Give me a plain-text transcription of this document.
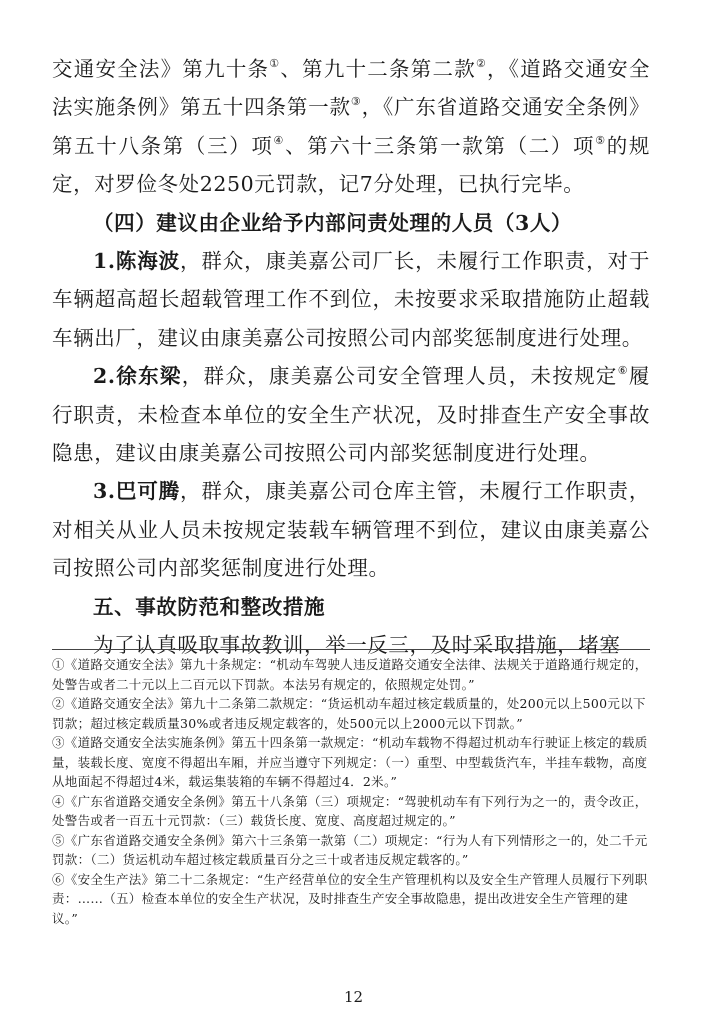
交通安全法》第九十条①、第九十二条第二款②，《道路交通安全法实施条例》第五十四条第一款③，《广东省道路交通安全条例》第五十八条第（三）项④、第六十三条第一款第（二）项⑤的规定，对罗俭冬处2250元罚款，记7分处理，已执行完毕。

（四）建议由企业给予内部问责处理的人员（3人）

1.陈海波，群众，康美嘉公司厂长，未履行工作职责，对于车辆超高超长超载管理工作不到位，未按要求采取措施防止超载车辆出厂，建议由康美嘉公司按照公司内部奖惩制度进行处理。

2.徐东梁，群众，康美嘉公司安全管理人员，未按规定⑥履行职责，未检查本单位的安全生产状况，及时排查生产安全事故隐患，建议由康美嘉公司按照公司内部奖惩制度进行处理。

3.巴可腾，群众，康美嘉公司仓库主管，未履行工作职责，对相关从业人员未按规定装载车辆管理不到位，建议由康美嘉公司按照公司内部奖惩制度进行处理。

五、事故防范和整改措施

为了认真吸取事故教训，举一反三，及时采取措施，堵塞

①《道路交通安全法》第九十条规定：“机动车驾驶人违反道路交通安全法律、法规关于道路通行规定的，处警告或者二十元以上二百元以下罚款。本法另有规定的，依照规定处罚。”

②《道路交通安全法》第九十二条第二款规定：“货运机动车超过核定载质量的，处200元以上500元以下罚款；超过核定载质量30%或者违反规定载客的，处500元以上2000元以下罚款。”

③《道路交通安全法实施条例》第五十四条第一款规定：“机动车载物不得超过机动车行驶证上核定的载质量，装载长度、宽度不得超出车厢，并应当遵守下列规定：（一）重型、中型载货汽车，半挂车载物，高度从地面起不得超过4米，载运集装箱的车辆不得超过4．2米。”

④《广东省道路交通安全条例》第五十八条第（三）项规定：“驾驶机动车有下列行为之一的，责令改正，处警告或者一百五十元罚款：（三）载货长度、宽度、高度超过规定的。”

⑤《广东省道路交通安全条例》第六十三条第一款第（二）项规定：“行为人有下列情形之一的，处二千元罚款：（二）货运机动车超过核定载质量百分之三十或者违反规定载客的。”

⑥《安全生产法》第二十二条规定：“生产经营单位的安全生产管理机构以及安全生产管理人员履行下列职责：……（五）检查本单位的安全生产状况，及时排查生产安全事故隐患，提出改进安全生产管理的建议。”

12
